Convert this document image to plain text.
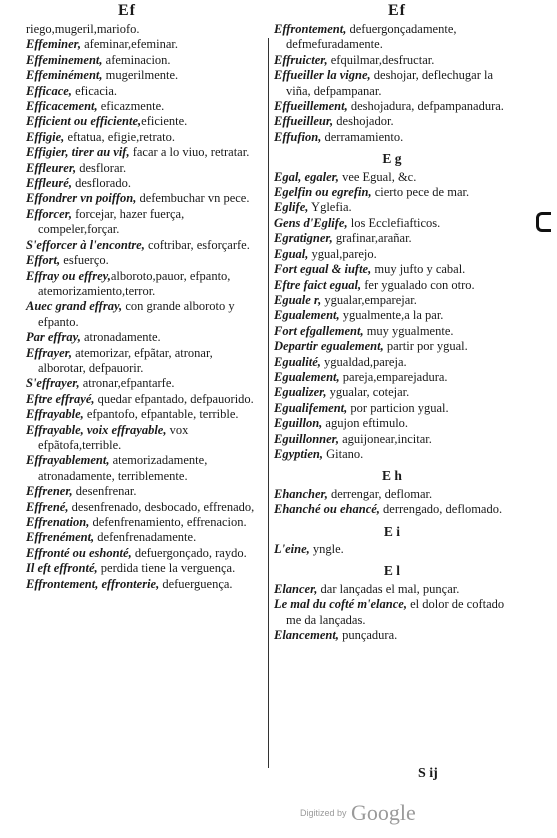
Ef	Ef
riego,mugeril,mariofo.
Effeminer, afeminar,efeminar.
Effeminement, afeminacion.
Effeminément, mugerilmente.
Efficace, eficacia.
Efficacement, eficazmente.
Efficient ou efficiente,eficiente.
Effigie, eftatua, efigie,retrato.
Effigier, tirer au vif, facar a lo viuo, retratar.
Effleurer, desflorar.
Effleuré, desflorado.
Effondrer vn poiffon, defembuchar vn pece.
Efforcer, forcejar, hazer fuerça, compeler,forçar.
S'efforcer à l'encontre, coftribar, esforçarfe.
Effort, esfuerço.
Effray ou effrey,alboroto,pauor, efpanto, atemorizamiento,terror.
Auec grand effray, con grande alboroto y efpanto.
Par effray, atronadamente.
Effrayer, atemorizar, efpãtar, atronar, alborotar, defpauorir.
S'effrayer, atronar,efpantarfe.
Eftre effrayé, quedar efpantado, defpauorido.
Effrayable, efpantofo, efpantable, terrible.
Effrayable, voix effrayable, vox efpãtofa,terrible.
Effrayablement, atemorizadamente, atronadamente, terriblemente.
Effrener, desenfrenar.
Effrené, desenfrenado, desbocado, effrenado,
Effrenation, defenfrenamiento, effrenacion.
Effrenément, defenfrenadamente.
Effronté ou eshonté, defuergonçado, raydo.
Il eft effronté, perdida tiene la verguença.
Effrontement, effronterie, defuerguença.
Effrontement, defuergonçadamente, defmefuradamente.
Effruicter, efquilmar,desfructar.
Effueiller la vigne, deshojar, deflechugar la viña, defpampanar.
Effueillement, deshojadura, defpampanadura.
Effueilleur, deshojador.
Effufion, derramamiento.
E g
Egal, egaler, vee Egual, &c.
Egelfin ou egrefin, cierto pece de mar.
Eglife, Yglefia.
Gens d'Eglife, los Ecclefiafticos.
Egratigner, grafinar,arañar.
Egual, ygual,parejo.
Fort egual & iufte, muy jufto y cabal.
Eftre faict egual, fer ygualado con otro.
Eguale r, ygualar,emparejar.
Egualement, ygualmente,a la par.
Fort efgallement, muy ygualmente.
Departir egualement, partir por ygual.
Egualité, ygualdad,pareja.
Egualement, pareja,emparejadura.
Egualizer, ygualar, cotejar.
Egualifement, por particion ygual.
Eguillon, agujon eftimulo.
Eguillonner, aguijonear,incitar.
Egyptien, Gitano.
E h
Ehancher, derrengar, deflomar.
Ehanché ou ehancé, derrengado, deflomado.
E i
L'eine, yngle.
E l
Elancer, dar lançadas el mal, punçar.
Le mal du cofté m'elance, el dolor de coftado me da lançadas.
Elancement, punçadura.
S ij
Digitized by Google
